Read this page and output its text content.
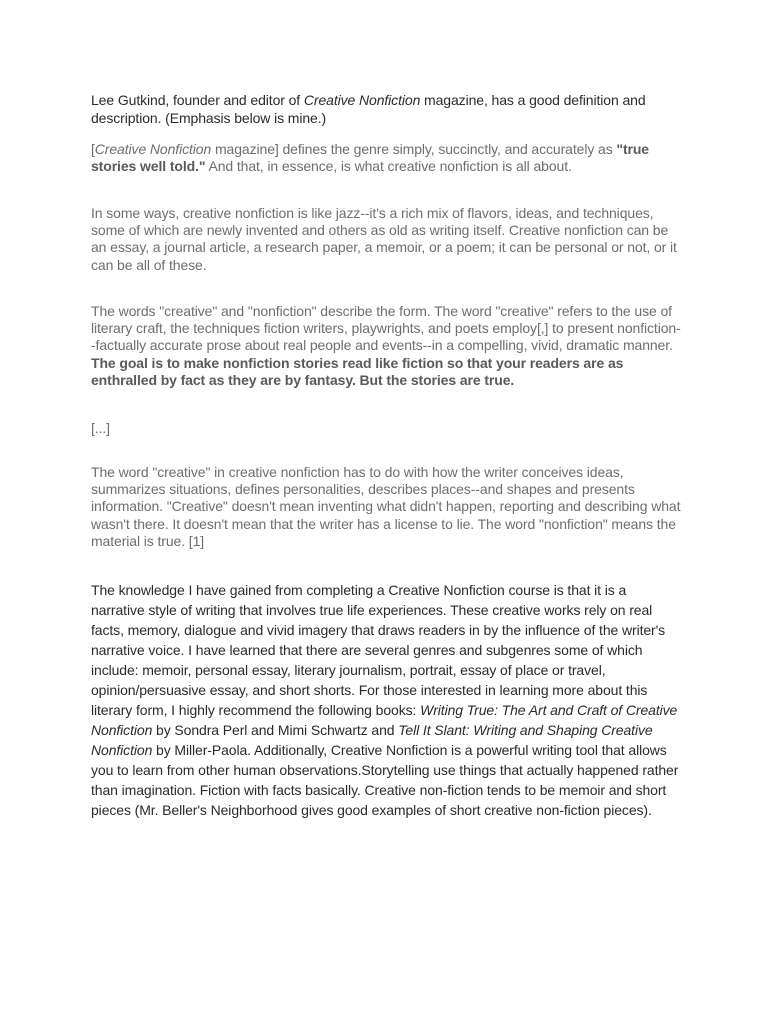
Lee Gutkind, founder and editor of Creative Nonfiction magazine, has a good definition and description. (Emphasis below is mine.)

[Creative Nonfiction magazine] defines the genre simply, succinctly, and accurately as "true stories well told." And that, in essence, is what creative nonfiction is all about.

In some ways, creative nonfiction is like jazz--it's a rich mix of flavors, ideas, and techniques, some of which are newly invented and others as old as writing itself. Creative nonfiction can be an essay, a journal article, a research paper, a memoir, or a poem; it can be personal or not, or it can be all of these.

The words "creative" and "nonfiction" describe the form. The word "creative" refers to the use of literary craft, the techniques fiction writers, playwrights, and poets employ[,] to present nonfiction--factually accurate prose about real people and events--in a compelling, vivid, dramatic manner. The goal is to make nonfiction stories read like fiction so that your readers are as enthralled by fact as they are by fantasy. But the stories are true.

[...]

The word "creative" in creative nonfiction has to do with how the writer conceives ideas, summarizes situations, defines personalities, describes places--and shapes and presents information. "Creative" doesn't mean inventing what didn't happen, reporting and describing what wasn't there. It doesn't mean that the writer has a license to lie. The word "nonfiction" means the material is true. [1]

The knowledge I have gained from completing a Creative Nonfiction course is that it is a narrative style of writing that involves true life experiences. These creative works rely on real facts, memory, dialogue and vivid imagery that draws readers in by the influence of the writer's narrative voice. I have learned that there are several genres and subgenres some of which include: memoir, personal essay, literary journalism, portrait, essay of place or travel, opinion/persuasive essay, and short shorts. For those interested in learning more about this literary form, I highly recommend the following books: Writing True: The Art and Craft of Creative Nonfiction by Sondra Perl and Mimi Schwartz and Tell It Slant: Writing and Shaping Creative Nonfiction by Miller-Paola. Additionally, Creative Nonfiction is a powerful writing tool that allows you to learn from other human observations.Storytelling use things that actually happened rather than imagination. Fiction with facts basically. Creative non-fiction tends to be memoir and short pieces (Mr. Beller's Neighborhood gives good examples of short creative non-fiction pieces).
